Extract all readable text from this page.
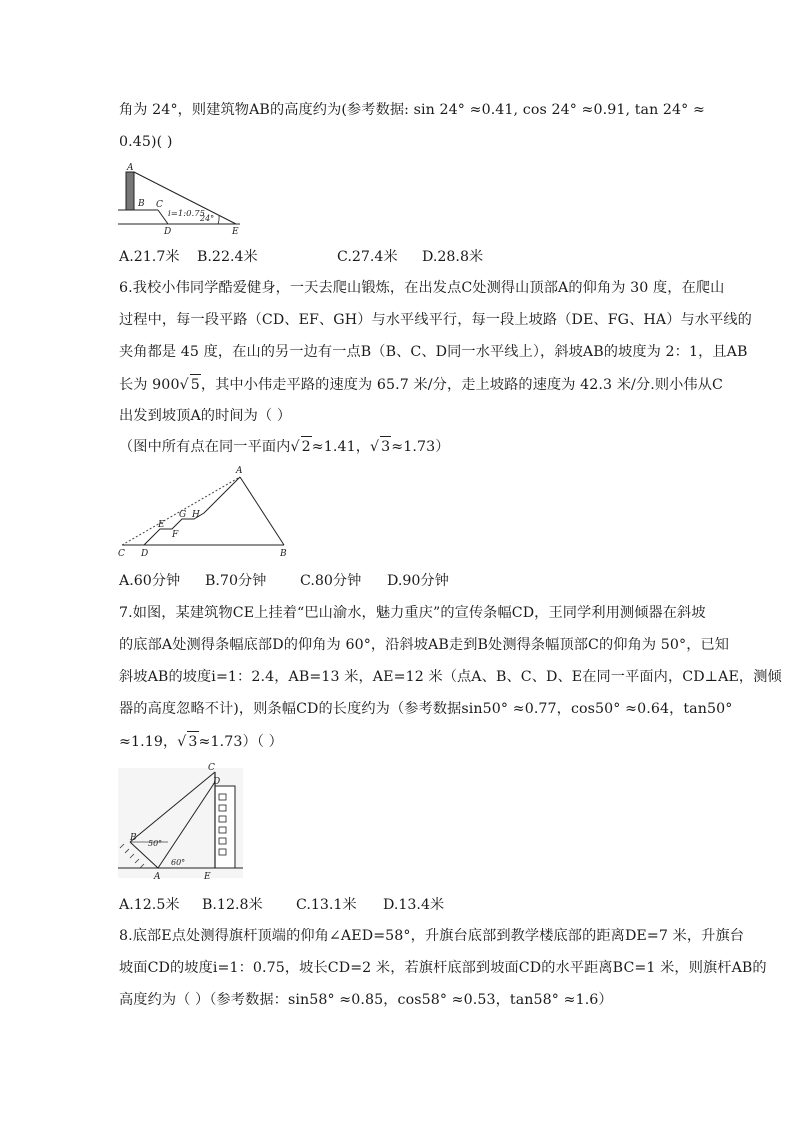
角为 24°，则建筑物AB的高度约为(参考数据: sin 24° ≈0.41, cos 24° ≈0.91, tan 24° ≈
0.45)( )
A
B C
D	E
i=1:0.75
24°
A.21.7米 B.22.4米	C.27.4米 D.28.8米
6.我校小伟同学酷爱健身，一天去爬山锻炼，在出发点C处测得山顶部A的仰角为 30 度，在爬山
过程中，每一段平路（CD、EF、GH）与水平线平行，每一段上坡路（DE、FG、HA）与水平线的
夹角都是 45 度，在山的另一边有一点B（B、C、D同一水平线上），斜坡AB的坡度为 2：1，且AB
长为 900√ 5，其中小伟走平路的速度为 65.7 米/分，走上坡路的速度为 42.3 米/分.则小伟从C
出发到坡顶A的时间为（ ）
（图中所有点在同一平面内√ 2≈1.41，√ 3≈1.73）
A
B
C D
E
F
G H
A.60分钟 B.70分钟 C.80分钟 D.90分钟
7.如图，某建筑物CE上挂着“巴山渝水，魅力重庆”的宣传条幅CD，王同学利用测倾器在斜坡
的底部A处测得条幅底部D的仰角为 60°，沿斜坡AB走到B处测得条幅顶部C的仰角为 50°，已知
斜坡AB的坡度i=1：2.4，AB=13 米，AE=12 米（点A、B、C、D、E在同一平面内，CD⊥AE，测倾
器的高度忽略不计)，则条幅CD的长度约为（参考数据sin50° ≈0.77，cos50° ≈0.64，tan50°
≈1.19，√ 3≈1.73）（ ）
A
B
C
D
E
50°
60°
A.12.5米 B.12.8米 C.13.1米 D.13.4米
8.底部E点处测得旗杆顶端的仰角∠AED=58°，升旗台底部到教学楼底部的距离DE=7 米，升旗台
坡面CD的坡度i=1：0.75，坡长CD=2 米，若旗杆底部到坡面CD的水平距离BC=1 米，则旗杆AB的
高度约为（ ）（参考数据：sin58° ≈0.85，cos58° ≈0.53，tan58° ≈1.6）
